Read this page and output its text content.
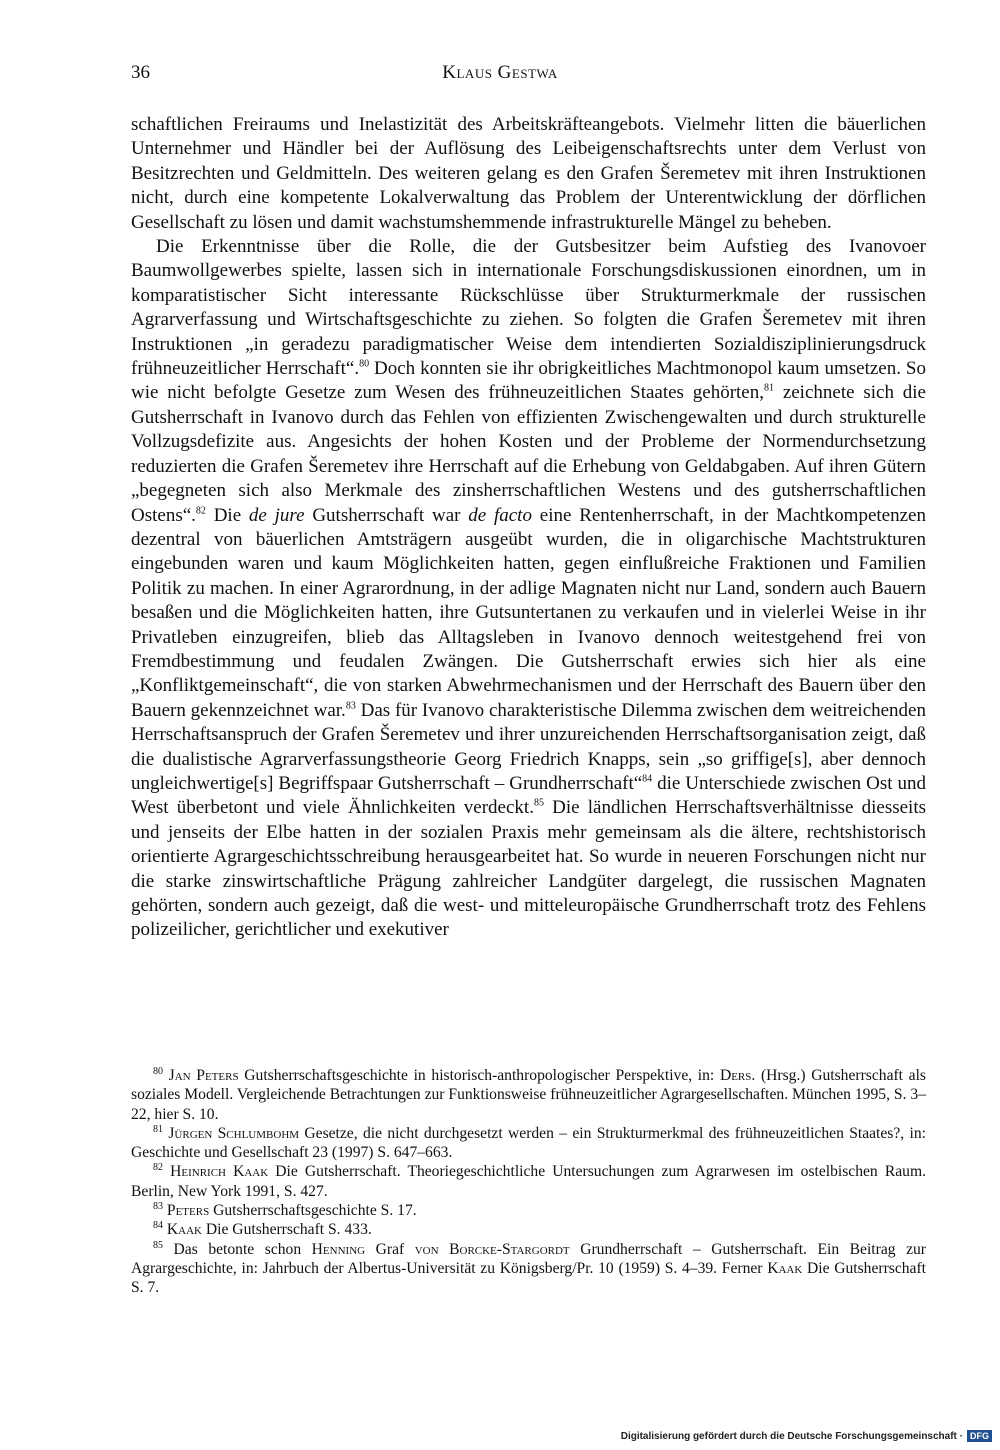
36	Klaus Gestwa

schaftlichen Freiraums und Inelastizität des Arbeitskräfteangebots. Vielmehr litten die bäuerlichen Unternehmer und Händler bei der Auflösung des Leibeigenschaftsrechts unter dem Verlust von Besitzrechten und Geldmitteln. Des weiteren gelang es den Grafen Šeremetev mit ihren Instruktionen nicht, durch eine kompetente Lokalverwaltung das Problem der Unterentwicklung der dörflichen Gesellschaft zu lösen und damit wachstumshemmende infrastrukturelle Mängel zu beheben.

Die Erkenntnisse über die Rolle, die der Gutsbesitzer beim Aufstieg des Ivanovoer Baumwollgewerbes spielte, lassen sich in internationale Forschungsdiskussionen einordnen, um in komparatistischer Sicht interessante Rückschlüsse über Strukturmerkmale der russischen Agrarverfassung und Wirtschaftsgeschichte zu ziehen. So folgten die Grafen Šeremetev mit ihren Instruktionen „in geradezu paradigmatischer Weise dem intendierten Sozialdisziplinierungsdruck frühneuzeitlicher Herrschaft“.$^{80}$ Doch konnten sie ihr obrigkeitliches Machtmonopol kaum umsetzen. So wie nicht befolgte Gesetze zum Wesen des frühneuzeitlichen Staates gehörten,$^{81}$ zeichnete sich die Gutsherrschaft in Ivanovo durch das Fehlen von effizienten Zwischengewalten und durch strukturelle Vollzugsdefizite aus. Angesichts der hohen Kosten und der Probleme der Normendurchsetzung reduzierten die Grafen Šeremetev ihre Herrschaft auf die Erhebung von Geldabgaben. Auf ihren Gütern „begegneten sich also Merkmale des zinsherrschaftlichen Westens und des gutsherrschaftlichen Ostens“.$^{82}$ Die de jure Gutsherrschaft war de facto eine Rentenherrschaft, in der Machtkompetenzen dezentral von bäuerlichen Amtsträgern ausgeübt wurden, die in oligarchische Machtstrukturen eingebunden waren und kaum Möglichkeiten hatten, gegen einflußreiche Fraktionen und Familien Politik zu machen. In einer Agrarordnung, in der adlige Magnaten nicht nur Land, sondern auch Bauern besaßen und die Möglichkeiten hatten, ihre Gutsuntertanen zu verkaufen und in vielerlei Weise in ihr Privatleben einzugreifen, blieb das Alltagsleben in Ivanovo dennoch weitestgehend frei von Fremdbestimmung und feudalen Zwängen. Die Gutsherrschaft erwies sich hier als eine „Konfliktgemeinschaft“, die von starken Abwehrmechanismen und der Herrschaft des Bauern über den Bauern gekennzeichnet war.$^{83}$ Das für Ivanovo charakteristische Dilemma zwischen dem weitreichenden Herrschaftsanspruch der Grafen Šeremetev und ihrer unzureichenden Herrschaftsorganisation zeigt, daß die dualistische Agrarverfassungstheorie Georg Friedrich Knapps, sein „so griffige[s], aber dennoch ungleichwertige[s] Begriffspaar Gutsherrschaft – Grundherrschaft“$^{84}$ die Unterschiede zwischen Ost und West überbetont und viele Ähnlichkeiten verdeckt.$^{85}$ Die ländlichen Herrschaftsverhältnisse diesseits und jenseits der Elbe hatten in der sozialen Praxis mehr gemeinsam als die ältere, rechtshistorisch orientierte Agrargeschichtsschreibung herausgearbeitet hat. So wurde in neueren Forschungen nicht nur die starke zinswirtschaftliche Prägung zahlreicher Landgüter dargelegt, die russischen Magnaten gehörten, sondern auch gezeigt, daß die west- und mitteleuropäische Grundherrschaft trotz des Fehlens polizeilicher, gerichtlicher und exekutiver

$^{80}$ Jan Peters Gutsherrschaftsgeschichte in historisch-anthropologischer Perspektive, in: Ders. (Hrsg.) Gutsherrschaft als soziales Modell. Vergleichende Betrachtungen zur Funktionsweise frühneuzeitlicher Agrargesellschaften. München 1995, S. 3–22, hier S. 10.

$^{81}$ Jürgen Schlumbohm Gesetze, die nicht durchgesetzt werden – ein Strukturmerkmal des frühneuzeitlichen Staates?, in: Geschichte und Gesellschaft 23 (1997) S. 647–663.

$^{82}$ Heinrich Kaak Die Gutsherrschaft. Theoriegeschichtliche Untersuchungen zum Agrarwesen im ostelbischen Raum. Berlin, New York 1991, S. 427.

$^{83}$ Peters Gutsherrschaftsgeschichte S. 17.

$^{84}$ Kaak Die Gutsherrschaft S. 433.

$^{85}$ Das betonte schon Henning Graf von Borcke-Stargordt Grundherrschaft – Gutsherrschaft. Ein Beitrag zur Agrargeschichte, in: Jahrbuch der Albertus-Universität zu Königsberg/Pr. 10 (1959) S. 4–39. Ferner Kaak Die Gutsherrschaft S. 7.

Digitalisierung gefördert durch die Deutsche Forschungsgemeinschaft · DFG
